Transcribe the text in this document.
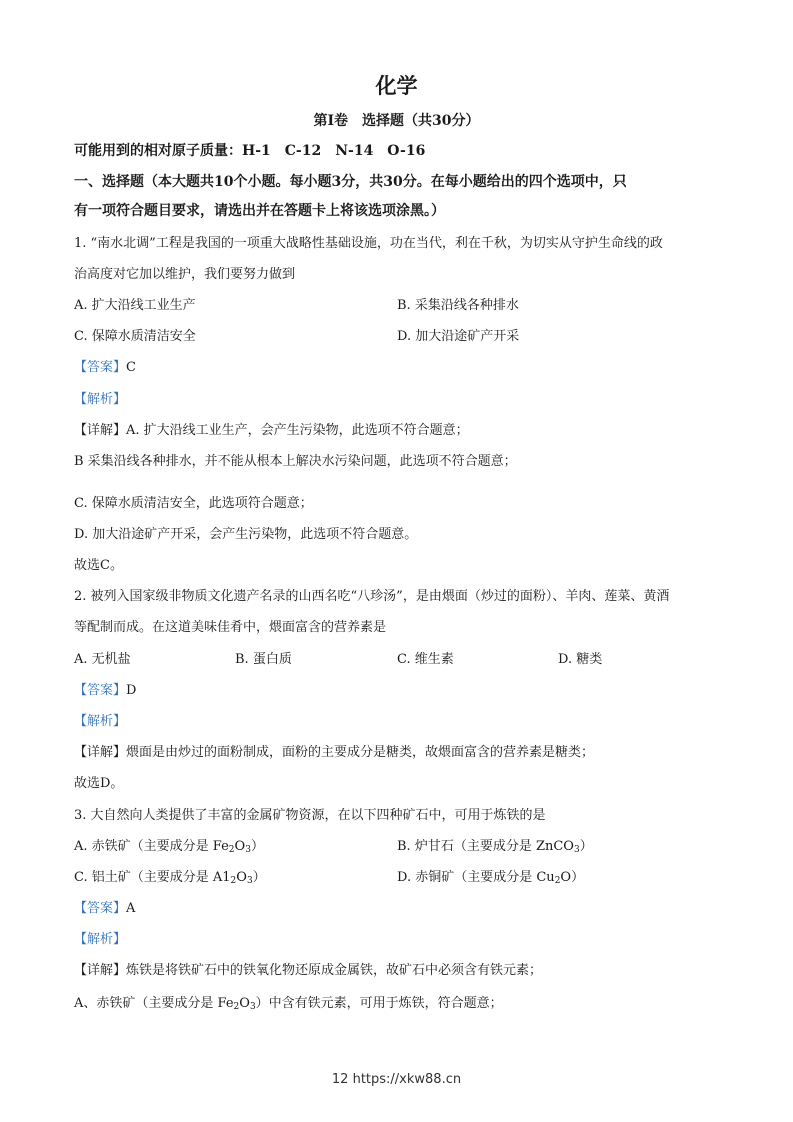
化学
第Ⅰ卷　选择题（共30分）
可能用到的相对原子质量：H-1　C-12　N-14　O-16
一、选择题（本大题共10个小题。每小题3分，共30分。在每小题给出的四个选项中，只
有一项符合题目要求，请选出并在答题卡上将该选项涂黑。）
1. “南水北调”工程是我国的一项重大战略性基础设施，功在当代，利在千秋，为切实从守护生命线的政
治高度对它加以维护，我们要努力做到
A. 扩大沿线工业生产	B. 采集沿线各种排水
C. 保障水质清洁安全	D. 加大沿途矿产开采
【答案】C
【解析】
【详解】A. 扩大沿线工业生产，会产生污染物，此选项不符合题意；
B 采集沿线各种排水，并不能从根本上解决水污染问题，此选项不符合题意；
C. 保障水质清洁安全，此选项符合题意；
D. 加大沿途矿产开采，会产生污染物，此选项不符合题意。
故选C。
2. 被列入国家级非物质文化遗产名录的山西名吃“八珍汤”，是由煨面（炒过的面粉）、羊肉、莲菜、黄酒
等配制而成。在这道美味佳肴中，煨面富含的营养素是
A. 无机盐	B. 蛋白质	C. 维生素	D. 糖类
【答案】D
【解析】
【详解】煨面是由炒过的面粉制成，面粉的主要成分是糖类，故煨面富含的营养素是糖类；
故选D。
3. 大自然向人类提供了丰富的金属矿物资源，在以下四种矿石中，可用于炼铁的是
A. 赤铁矿（主要成分是 $Fe_2O_3$）	B. 炉甘石（主要成分是 ZnCO$_3$）
C. 铝土矿（主要成分是 $A1_2O_3$）	D. 赤铜矿（主要成分是 $Cu_2O$）
【答案】A
【解析】
【详解】炼铁是将铁矿石中的铁氧化物还原成金属铁，故矿石中必须含有铁元素；
A、赤铁矿（主要成分是 $Fe_2O_3$）中含有铁元素，可用于炼铁，符合题意；
12 https://xkw88.cn
